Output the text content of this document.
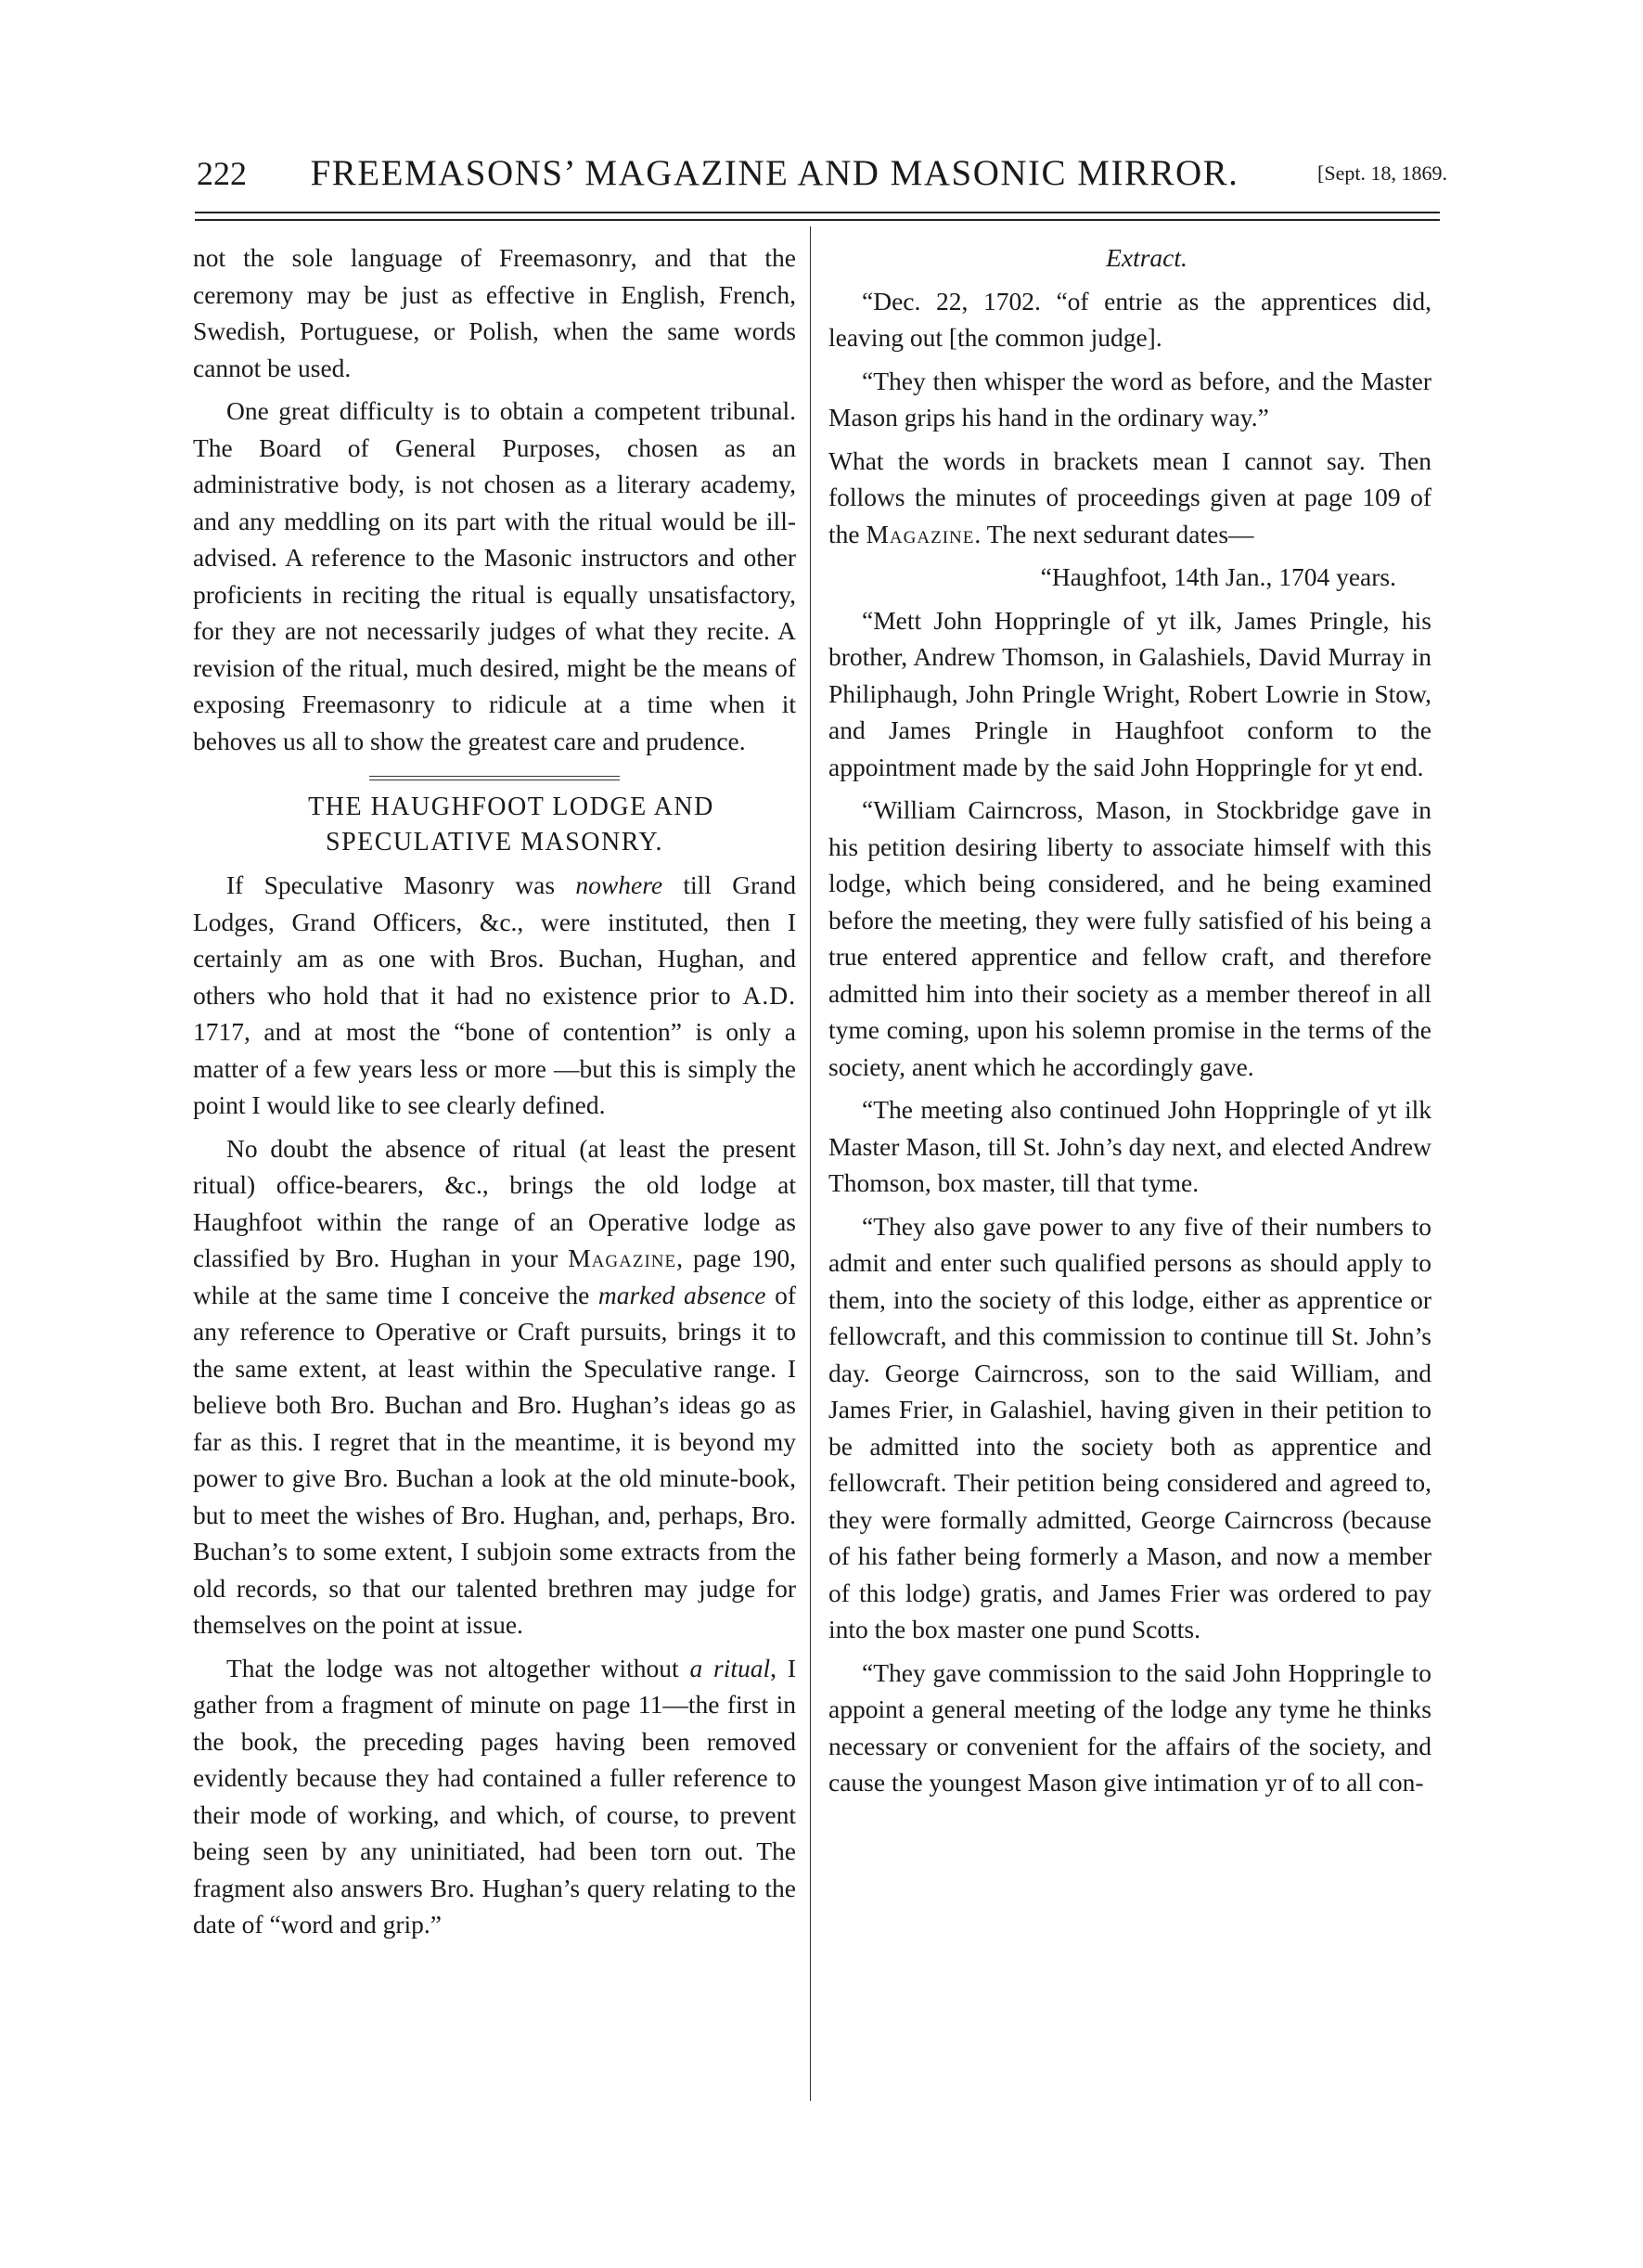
222	FREEMASONS’ MAGAZINE AND MASONIC MIRROR.	[Sept. 18, 1869.

not the sole language of Freemasonry, and that the ceremony may be just as effective in English, French, Swedish, Portuguese, or Polish, when the same words cannot be used.

One great difficulty is to obtain a competent tribunal. The Board of General Purposes, chosen as an administrative body, is not chosen as a literary academy, and any meddling on its part with the ritual would be ill-advised. A reference to the Masonic instructors and other proficients in reciting the ritual is equally unsatisfactory, for they are not necessarily judges of what they recite. A revision of the ritual, much desired, might be the means of exposing Freemasonry to ridicule at a time when it behoves us all to show the greatest care and prudence.

THE HAUGHFOOT LODGE AND SPECULATIVE MASONRY.

If Speculative Masonry was nowhere till Grand Lodges, Grand Officers, &c., were instituted, then I certainly am as one with Bros. Buchan, Hughan, and others who hold that it had no existence prior to A.D. 1717, and at most the “bone of contention” is only a matter of a few years less or more —but this is simply the point I would like to see clearly defined.

No doubt the absence of ritual (at least the present ritual) office-bearers, &c., brings the old lodge at Haughfoot within the range of an Operative lodge as classified by Bro. Hughan in your Magazine, page 190, while at the same time I conceive the marked absence of any reference to Operative or Craft pursuits, brings it to the same extent, at least within the Speculative range. I believe both Bro. Buchan and Bro. Hughan’s ideas go as far as this. I regret that in the meantime, it is beyond my power to give Bro. Buchan a look at the old minute-book, but to meet the wishes of Bro. Hughan, and, perhaps, Bro. Buchan’s to some extent, I subjoin some extracts from the old records, so that our talented brethren may judge for themselves on the point at issue.

That the lodge was not altogether without a ritual, I gather from a fragment of minute on page 11—the first in the book, the preceding pages having been removed evidently because they had contained a fuller reference to their mode of working, and which, of course, to prevent being seen by any uninitiated, had been torn out. The fragment also answers Bro. Hughan’s query relating to the date of “word and grip.”

Extract.

“Dec. 22, 1702. “of entrie as the apprentices did, leaving out [the common judge].

“They then whisper the word as before, and the Master Mason grips his hand in the ordinary way.”

What the words in brackets mean I cannot say. Then follows the minutes of proceedings given at page 109 of the Magazine. The next sedurant dates—

“Haughfoot, 14th Jan., 1704 years.

“Mett John Hoppringle of yt ilk, James Pringle, his brother, Andrew Thomson, in Galashiels, David Murray in Philiphaugh, John Pringle Wright, Robert Lowrie in Stow, and James Pringle in Haughfoot conform to the appointment made by the said John Hoppringle for yt end.

“William Cairncross, Mason, in Stockbridge gave in his petition desiring liberty to associate himself with this lodge, which being considered, and he being examined before the meeting, they were fully satisfied of his being a true entered apprentice and fellow craft, and therefore admitted him into their society as a member thereof in all tyme coming, upon his solemn promise in the terms of the society, anent which he accordingly gave.

“The meeting also continued John Hoppringle of yt ilk Master Mason, till St. John’s day next, and elected Andrew Thomson, box master, till that tyme.

“They also gave power to any five of their numbers to admit and enter such qualified persons as should apply to them, into the society of this lodge, either as apprentice or fellowcraft, and this commission to continue till St. John’s day. George Cairncross, son to the said William, and James Frier, in Galashiel, having given in their petition to be admitted into the society both as apprentice and fellowcraft. Their petition being considered and agreed to, they were formally admitted, George Cairncross (because of his father being formerly a Mason, and now a member of this lodge) gratis, and James Frier was ordered to pay into the box master one pund Scotts.

“They gave commission to the said John Hoppringle to appoint a general meeting of the lodge any tyme he thinks necessary or convenient for the affairs of the society, and cause the youngest Mason give intimation yr of to all con-
